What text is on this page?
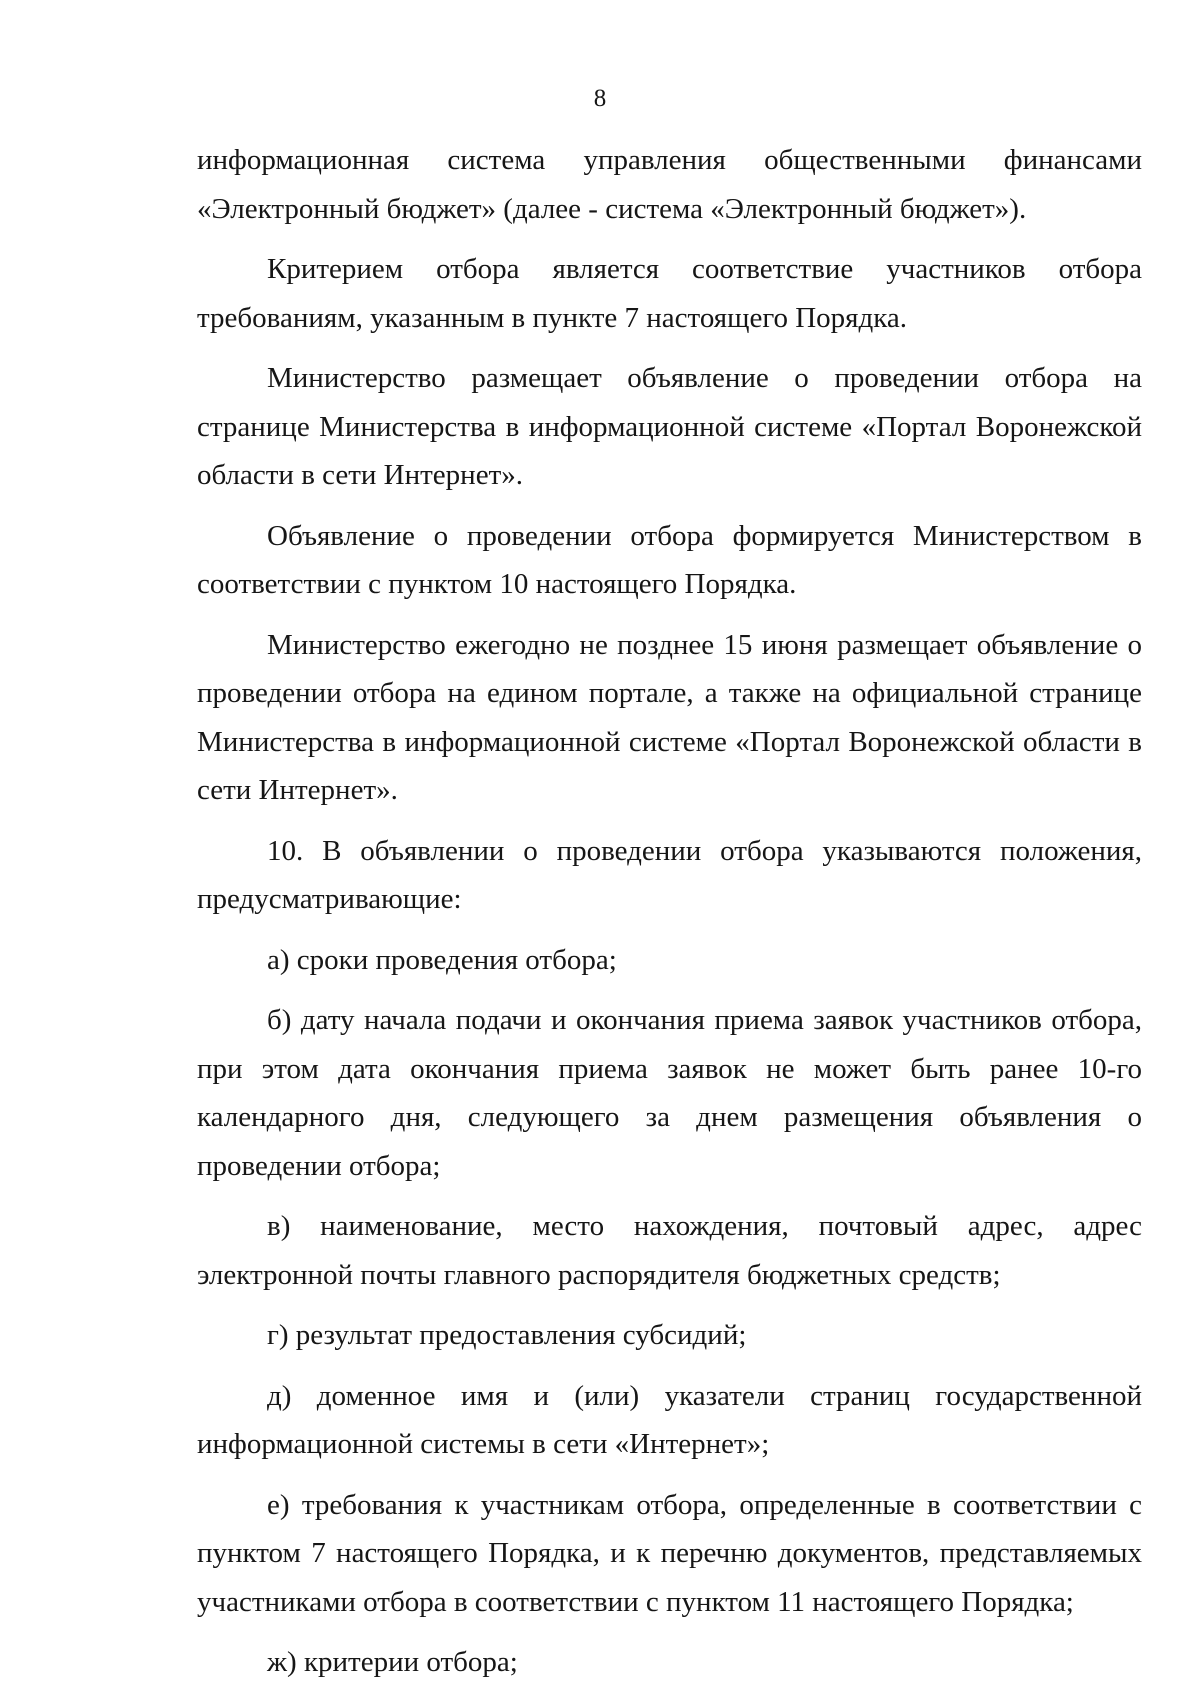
8

информационная система управления общественными финансами «Электронный бюджет» (далее - система «Электронный бюджет»).

Критерием отбора является соответствие участников отбора требованиям, указанным в пункте 7 настоящего Порядка.

Министерство размещает объявление о проведении отбора на странице Министерства в информационной системе «Портал Воронежской области в сети Интернет».

Объявление о проведении отбора формируется Министерством в соответствии с пунктом 10 настоящего Порядка.

Министерство ежегодно не позднее 15 июня размещает объявление о проведении отбора на едином портале, а также на официальной странице Министерства в информационной системе «Портал Воронежской области в сети Интернет».

10. В объявлении о проведении отбора указываются положения, предусматривающие:

а) сроки проведения отбора;

б) дату начала подачи и окончания приема заявок участников отбора, при этом дата окончания приема заявок не может быть ранее 10-го календарного дня, следующего за днем размещения объявления о проведении отбора;

в) наименование, место нахождения, почтовый адрес, адрес электронной почты главного распорядителя бюджетных средств;

г) результат предоставления субсидий;

д) доменное имя и (или) указатели страниц государственной информационной системы в сети «Интернет»;

е) требования к участникам отбора, определенные в соответствии с пунктом 7 настоящего Порядка, и к перечню документов, представляемых участниками отбора в соответствии с пунктом 11 настоящего Порядка;

ж) критерии отбора;
